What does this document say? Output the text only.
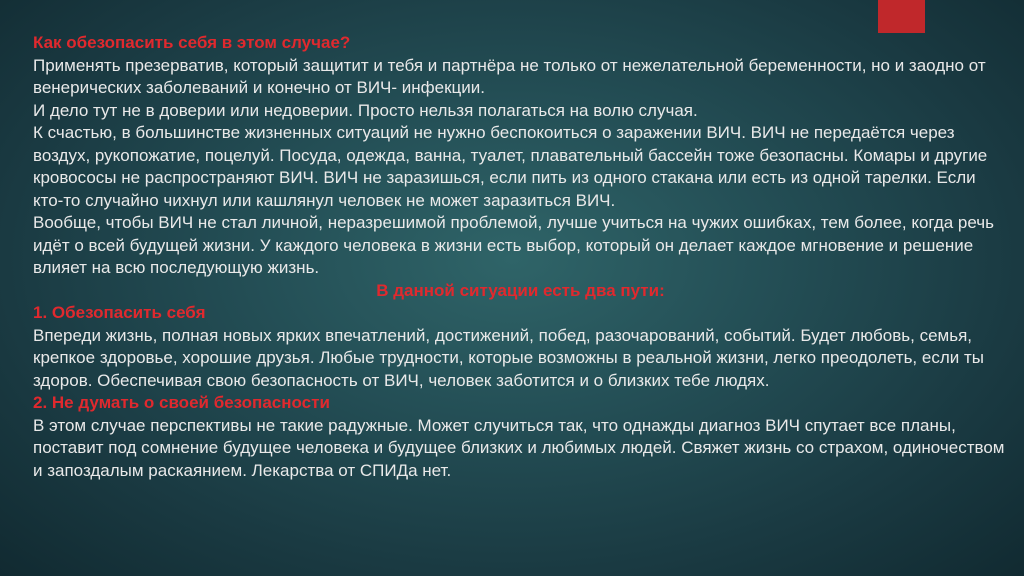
Как обезопасить себя в этом случае?

Применять презерватив, который защитит и тебя и партнёра не только от нежелательной беременности, но и заодно от венерических заболеваний и конечно от ВИЧ- инфекции.

И дело тут не в доверии или недоверии. Просто нельзя полагаться на волю случая.

К счастью, в большинстве жизненных ситуаций не нужно беспокоиться о заражении ВИЧ. ВИЧ не передаётся через воздух, рукопожатие, поцелуй. Посуда, одежда, ванна, туалет, плавательный бассейн тоже безопасны. Комары и другие кровососы не распространяют ВИЧ. ВИЧ не заразишься, если пить из одного стакана или есть из одной тарелки. Если кто-то случайно чихнул или кашлянул человек не может заразиться ВИЧ.

Вообще, чтобы ВИЧ не стал личной, неразрешимой проблемой, лучше учиться на чужих ошибках, тем более, когда речь идёт о всей будущей жизни. У каждого человека в жизни есть выбор, который он делает каждое мгновение и решение влияет на всю последующую жизнь.

В данной ситуации есть два пути:

1. Обезопасить себя

Впереди жизнь, полная новых ярких впечатлений, достижений, побед, разочарований, событий. Будет любовь, семья, крепкое здоровье, хорошие друзья. Любые трудности, которые возможны в реальной жизни, легко преодолеть, если ты здоров. Обеспечивая свою безопасность от ВИЧ, человек заботится и о близких тебе людях.

2. Не думать о своей безопасности

В этом случае перспективы не такие радужные. Может случиться так, что однажды диагноз ВИЧ спутает все планы, поставит под сомнение будущее человека и будущее близких и любимых людей. Свяжет жизнь со страхом, одиночеством и запоздалым раскаянием. Лекарства от СПИДа нет.
